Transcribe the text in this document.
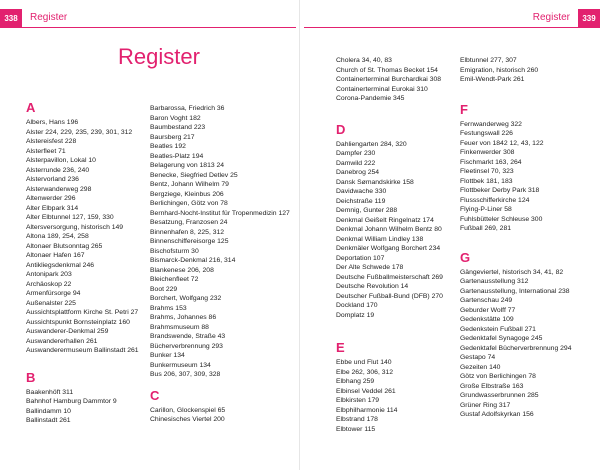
338	Register
Register
A
Albers, Hans 196
Alster 224, 229, 235, 239, 301, 312
Alstereisfest 228
Alsterfleet 71
Alsterpavillon, Lokal 10
Alsterrunde 236, 240
Alstervorland 236
Alsterwanderweg 298
Altenwerder 296
Alter Elbpark 314
Alter Elbtunnel 127, 159, 330
Altersversorgung, historisch 149
Altona 189, 254, 258
Altonaer Blutsonntag 265
Altonaer Hafen 167
Antikliegsdenkmal 246
Antonipark 203
Archäoskop 22
Armenfürsorge 94
Außenalster 225
Aussichtsplattform Kirche St. Petri 27
Aussichtspunkt Bornsteinplatz 160
Auswanderer-Denkmal 259
Auswandererhallen 261
Auswanderermuseum Ballinstadt 261
B
Baakenhöft 311
Bahnhof Hamburg Dammtor 9
Ballindamm 10
Ballinstadt 261
Barbarossa, Friedrich 36
Baron Voght 182
Baumbestand 223
Baursberg 217
Beatles 192
Beatles-Platz 194
Belagerung von 1813 24
Benecke, Siegfried Detlev 25
Bentz, Johann Wilhelm 79
Bergziege, Kleinbus 206
Berlichingen, Götz von 78
Bernhard-Nocht-Institut für Tropenmedizin 127
Besatzung, Franzosen 24
Binnenhafen 8, 225, 312
Binnenschiffereisorge 125
Bischofsturm 30
Bismarck-Denkmal 216, 314
Blankenese 206, 208
Bleichenfleet 72
Boot 229
Borchert, Wolfgang 232
Brahms 153
Brahms, Johannes 86
Brahmsmuseum 88
Brandswende, Straße 43
Bücherverbrennung 293
Bunker 134
Bunkermuseum 134
Bus 206, 307, 309, 328
C
Carillon, Glockenspiel 65
Chinesisches Viertel 200
339
Register
Cholera 34, 40, 83
Church of St. Thomas Becket 154
Containerterminal Burchardkai 308
Containerterminal Eurokai 310
Corona-Pandemie 345
D
Dahliengarten 284, 320
Dampfer 230
Damwild 222
Danebrog 254
Dansk Sømandskirke 158
Davidwache 330
Deichstraße 119
Demnig, Gunter 288
Denkmal Geißelt Ringelnatz 174
Denkmal Johann Wilhelm Bentz 80
Denkmal William Lindley 138
Denkmäler Wolfgang Borchert 234
Deportation 107
Der Alte Schwede 178
Deutsche Fußballmeisterschaft 269
Deutsche Revolution 14
Deutscher Fußball-Bund (DFB) 270
Dockland 170
Domplatz 19
E
Ebbe und Flut 140
Elbe 262, 306, 312
Elbhang 259
Elbinsel Veddel 261
Elbkirsten 179
Elbphilharmonie 114
Elbstrand 178
Elbtower 115
Elbtunnel 277, 307
Emigration, historisch 260
Emil-Wendt-Park 261
F
Fernwanderweg 322
Festungswall 226
Feuer von 1842 12, 43, 122
Finkenwerder 308
Fischmarkt 163, 264
Fleetinsel 70, 323
Flottbek 181, 183
Flottbeker Derby Park 318
Flussschifferkirche 124
Flying-P-Liner 58
Fuhlsbütteler Schleuse 300
Fußball 269, 281
G
Gängeviertel, historisch 34, 41, 82
Gartenausstellung 312
Gartenausstellung, International 238
Gartenschau 249
Geburder Wolff 77
Gedenkstätte 109
Gedenkstein Fußball 271
Gedenktafel Synagoge 245
Gedenktafel Bücherverbrennung 294
Gestapo 74
Gezeiten 140
Götz von Berlichingen 78
Große Elbstraße 163
Grundwasserbrunnen 285
Grüner Ring 317
Gustaf Adolfskyrkan 156
